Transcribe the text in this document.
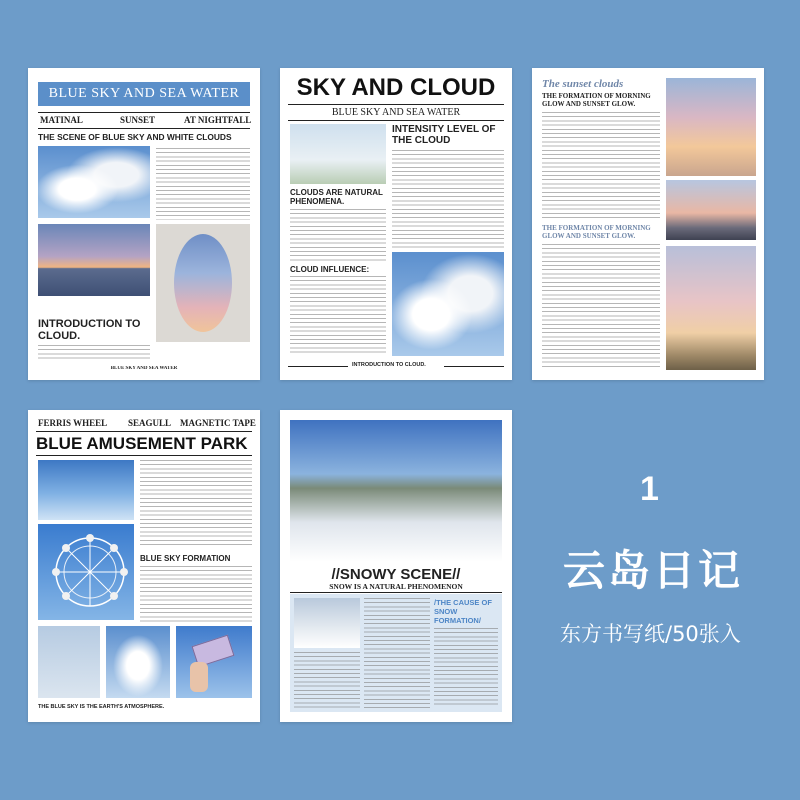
BLUE SKY AND SEA WATER
MATINAL	SUNSET	AT NIGHTFALL
THE SCENE OF BLUE SKY AND WHITE CLOUDS
INTRODUCTION TO CLOUD.
BLUE SKY AND SEA WATER
SKY AND CLOUD
BLUE SKY AND SEA WATER
INTENSITY LEVEL OF THE CLOUD
CLOUDS ARE NATURAL PHENOMENA.
CLOUD INFLUENCE:
INTRODUCTION TO CLOUD.
The sunset clouds
THE FORMATION OF MORNING GLOW AND SUNSET GLOW.
THE FORMATION OF MORNING GLOW AND SUNSET GLOW.
FERRIS WHEEL SEAGULL MAGNETIC TAPE
BLUE AMUSEMENT PARK
BLUE SKY FORMATION
THE BLUE SKY IS THE EARTH'S ATMOSPHERE.
//SNOWY SCENE//
SNOW IS A NATURAL PHENOMENON
/THE CAUSE OF SNOW FORMATION/
1
云岛日记
东方书写纸/50张入
